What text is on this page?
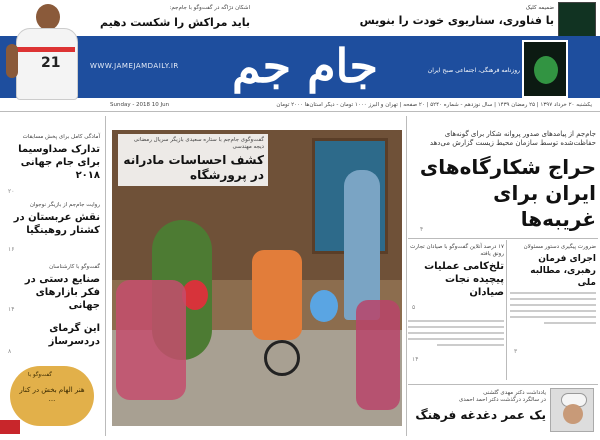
ضمیمه کلیک
با فناوری، سناریوی خودت را بنویس
اشکان دژاگه در گفت‌وگو با جام‌جم:
باید مراکش را شکست دهیم
21	WWW.JAMEJAMDAILY.IR	جام جم	روزنامه فرهنگی، اجتماعی صبح ایران
یکشنبه ۲۰ خرداد ۱۳۹۷ | ۲۵ رمضان ۱۴۳۹ | سال نوزدهم - شماره ۵۲۴۰ | ۲۰ صفحه | تهران و البرز ۱۰۰۰ تومان - دیگر استان‌ها ۲۰۰۰ تومان
Sunday - 2018 10 Jun
آمادگی کامل برای پخش مسابقات
تدارک صداوسیما برای جام جهانی ۲۰۱۸
۲۰
روایت جام‌جم از بازیگر نوجوان
نقش عربستان در کشتار روهینگیا
۱۶
گفت‌وگو با کارشناسان
صنایع دستی در فکر بازارهای جهانی
۱۴
این گرمای دردسرساز
۸
گفت‌وگو با
هنر الهام بخش در کنار ...
گفت‌وگوی جام‌جم با ستاره سعیدی بازیگر سریال رمضانی دیجه مهندسی
کشف احساسات مادرانه در پرورشگاه
جام‌جم از پیامدهای صدور پروانه شکار برای گونه‌های حفاظت‌شده توسط سازمان محیط زیست گزارش می‌دهد
حراج شکارگاه‌های ایران برای غریبه‌ها
۴
۱۷ درصد آنلاین گفت‌وگو با صیادان تجارت رونق یافته
تلخ‌کامی عملیات پیچیده نجات صیادان
۵
۱۴
ضرورت پیگیری دستور مسئولان
اجرای فرمان رهبری، مطالبه ملی
۳
یادداشت دکتر مهدی گلشنی
در سالگرد درگذشت دکتر احمد احمدی
یک عمر دغدغه فرهنگ
